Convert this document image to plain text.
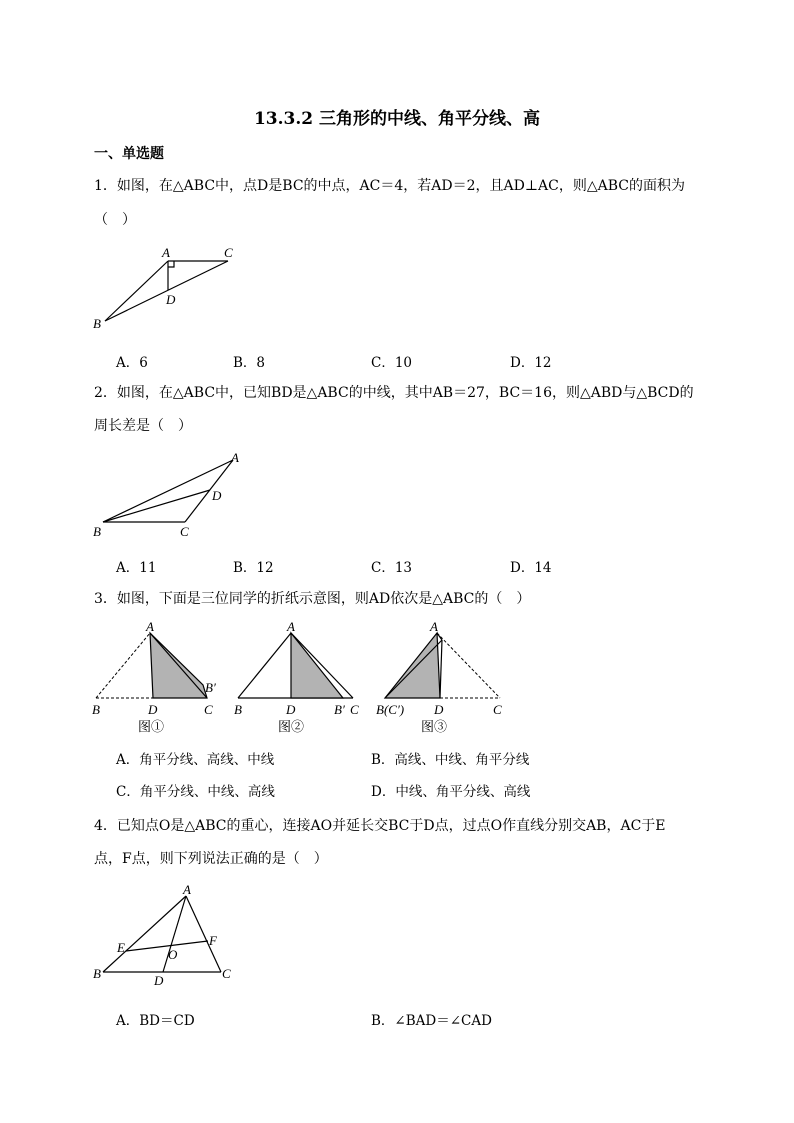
13.3.2 三角形的中线、角平分线、高
一、单选题
1．如图，在△ABC中，点D是BC的中点，AC＝4，若AD＝2，且AD⊥AC，则△ABC的面积为
（　）
A	C
D
B
A．6	B．8	C．10	D．12
2．如图，在△ABC中，已知BD是△ABC的中线，其中AB＝27，BC＝16，则△ABD与△BCD的
周长差是（　）
A
D
B	C
A．11	B．12	C．13	D．14
3．如图，下面是三位同学的折纸示意图，则AD依次是△ABC的（　）
A
B′
B	D	C
图①
A
B	D	B′ C
图②
A
B(C′) D	C
图③
A．角平分线、高线、中线	B．高线、中线、角平分线
C．角平分线、中线、高线	D．中线、角平分线、高线
4．已知点O是△ABC的重心，连接AO并延长交BC于D点，过点O作直线分别交AB，AC于E
点，F点，则下列说法正确的是（　）
A
E	F
O
B	D	C
A．BD＝CD	B．∠BAD＝∠CAD
